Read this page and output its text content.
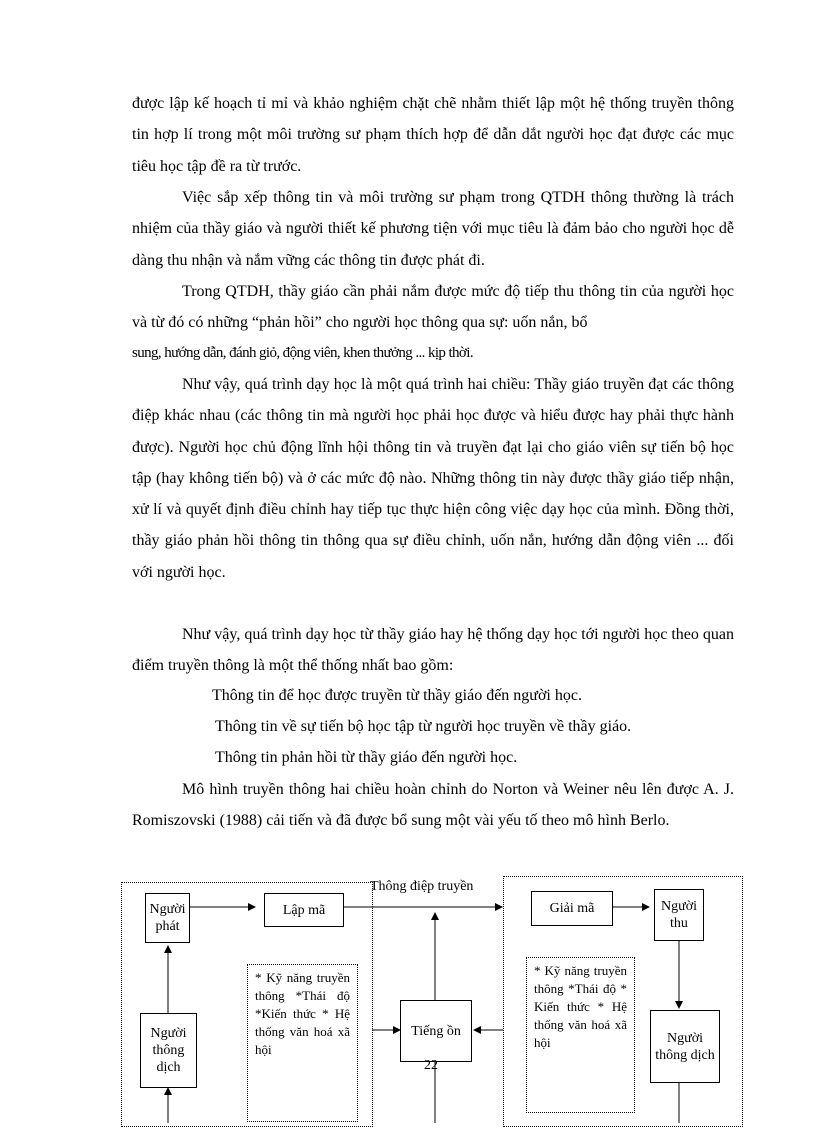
được lập kế hoạch tỉ mỉ và khảo nghiệm chặt chẽ nhằm thiết lập một hệ thống truyền thông tin hợp lí trong một môi trường sư phạm thích hợp để dẫn dắt người học đạt được các mục tiêu học tập đề ra từ trước.

Việc sắp xếp thông tin và môi trường sư phạm trong QTDH thông thường là trách nhiệm của thầy giáo và người thiết kế phương tiện với mục tiêu là đảm bảo cho người học dễ dàng thu nhận và nắm vững các thông tin được phát đi.

Trong QTDH, thầy giáo cần phải nắm được mức độ tiếp thu thông tin của người học và từ đó có những “phản hồi” cho người học thông qua sự: uốn nắn, bổ

sung, hướng dẫn, đánh giỏ, động viên, khen thưởng ... kịp thời.

Như vậy, quá trình dạy học là một quá trình hai chiều: Thầy giáo truyền đạt các thông điệp khác nhau (các thông tin mà người học phải học được và hiểu được hay phải thực hành được). Người học chủ động lĩnh hội thông tin và truyền đạt lại cho giáo viên sự tiến bộ học tập (hay không tiến bộ) và ở các mức độ nào. Những thông tin này được thầy giáo tiếp nhận, xử lí và quyết định điều chỉnh hay tiếp tục thực hiện công việc dạy học của mình. Đồng thời, thầy giáo phản hồi thông tin thông qua sự điều chỉnh, uốn nắn, hướng dẫn động viên ... đối với người học.

Như vậy, quá trình dạy học từ thầy giáo hay hệ thống dạy học tới người học theo quan điểm truyền thông là một thể thống nhất bao gồm:

Thông tin để học được truyền từ thầy giáo đến người học.

Thông tin về sự tiến bộ học tập từ người học truyền về thầy giáo.

Thông tin phản hồi từ thầy giáo đến người học.

Mô hình truyền thông hai chiều hoàn chỉnh do Norton và Weiner nêu lên được A. J. Romiszovski (1988) cải tiến và đã được bổ sung một vài yếu tố theo mô hình Berlo.

Thông điệp truyền
Người phát
Lập mã	Giải mã	Người thu
Người thông dịch
Người thông dịch
Tiếng ồn
* Kỹ năng truyền thông *Thái độ *Kiến thức * Hệ thống văn hoá xã hội
* Kỹ năng truyền thông *Thái độ * Kiến thức * Hệ thống văn hoá xã hội
22
